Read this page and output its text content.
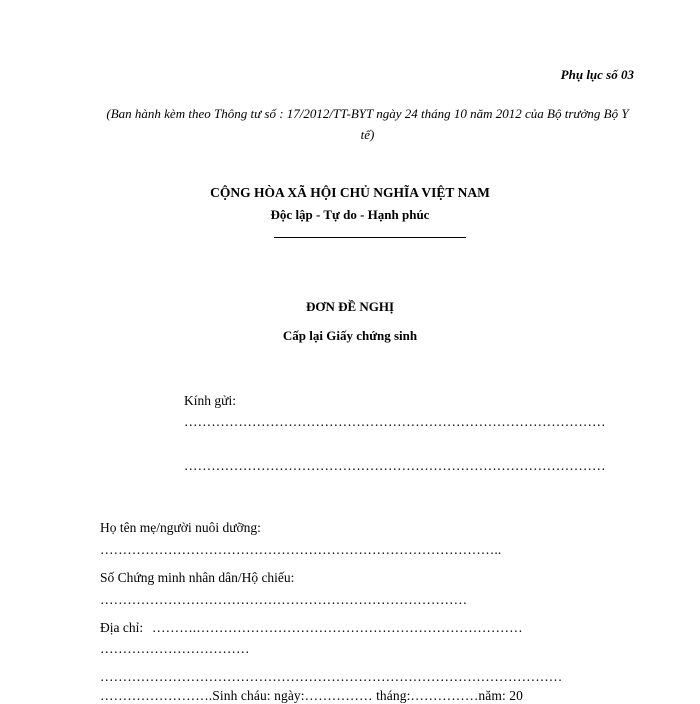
Phụ lục số 03
(Ban hành kèm theo Thông tư số : 17/2012/TT-BYT ngày 24 tháng 10 năm 2012 của Bộ trưởng Bộ Y tế)
CỘNG HÒA XÃ HỘI CHỦ NGHĨA VIỆT NAM
Độc lập - Tự do - Hạnh phúc
ĐƠN ĐỀ NGHỊ
Cấp lại Giấy chứng sinh
Kính gửi:
…………………………………………………………………………………
…………………………………………………………………………………
Họ tên mẹ/người nuôi dưỡng:
……………………………………………………………………………..
Số Chứng minh nhân dân/Hộ chiếu:
………………………………………………………………………
Địa chỉ: ……….………………………………………………………………
……………………………
…………………………………………………………………………………………
…………………….Sinh cháu: ngày:…………… tháng:……………năm: 20
